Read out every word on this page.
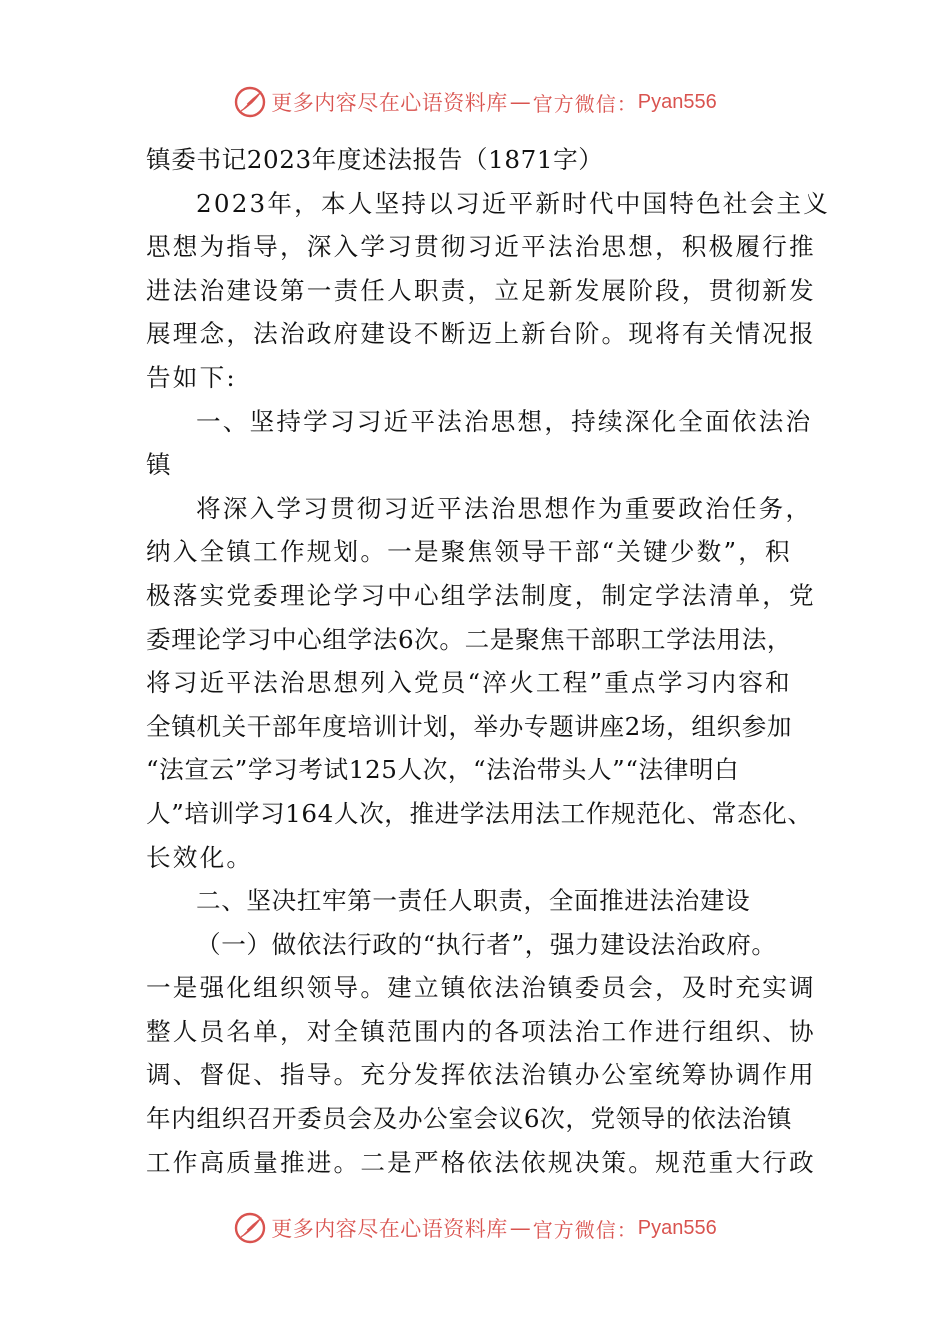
更多内容尽在心语资料库 — 官方微信： Pyan556
镇委书记2023年度述法报告（1871字）
2023年，本人坚持以习近平新时代中国特色社会主义
思想为指导，深入学习贯彻习近平法治思想，积极履行推
进法治建设第一责任人职责，立足新发展阶段，贯彻新发
展理念，法治政府建设不断迈上新台阶。现将有关情况报
告如下:
一、坚持学习习近平法治思想，持续深化全面依法治
镇
将深入学习贯彻习近平法治思想作为重要政治任务，
纳入全镇工作规划。一是聚焦领导干部“关键少数”，积
极落实党委理论学习中心组学法制度，制定学法清单，党
委理论学习中心组学法6次。二是聚焦干部职工学法用法，
将习近平法治思想列入党员“淬火工程”重点学习内容和
全镇机关干部年度培训计划，举办专题讲座2场，组织参加
“法宣云”学习考试125人次，“法治带头人”“法律明白
人”培训学习164人次，推进学法用法工作规范化、常态化、
长效化。
二、坚决扛牢第一责任人职责，全面推进法治建设
（一）做依法行政的“执行者”，强力建设法治政府。
一是强化组织领导。建立镇依法治镇委员会，及时充实调
整人员名单，对全镇范围内的各项法治工作进行组织、协
调、督促、指导。充分发挥依法治镇办公室统筹协调作用
年内组织召开委员会及办公室会议6次，党领导的依法治镇
工作高质量推进。二是严格依法依规决策。规范重大行政
更多内容尽在心语资料库 — 官方微信： Pyan556
